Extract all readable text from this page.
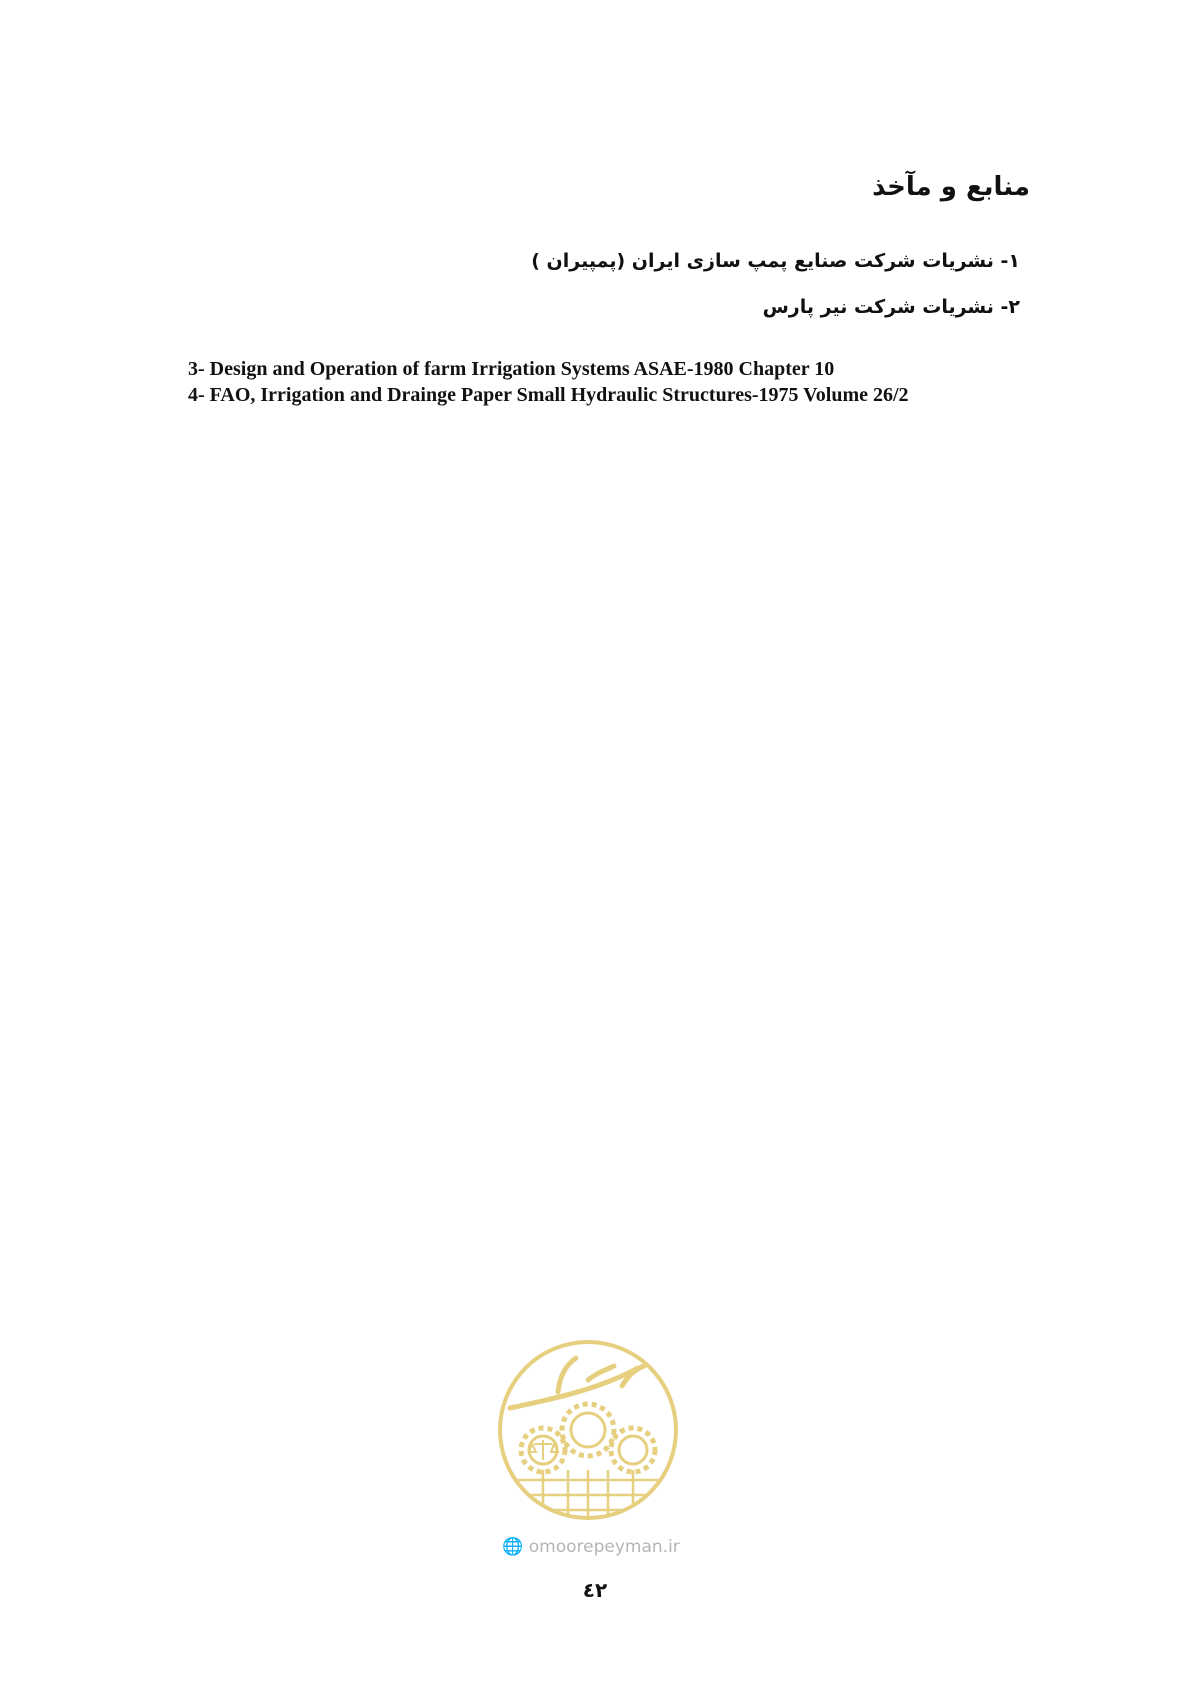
منابع و مآخذ
۱- نشریات شرکت صنایع پمپ سازی ایران (پمپیران )
۲- نشریات شرکت نیر پارس
3- Design and Operation of farm Irrigation Systems ASAE-1980 Chapter 10
4- FAO, Irrigation and Drainge Paper Small Hydraulic Structures-1975 Volume 26/2
🌐 omoorepeyman.ir
٤٢
